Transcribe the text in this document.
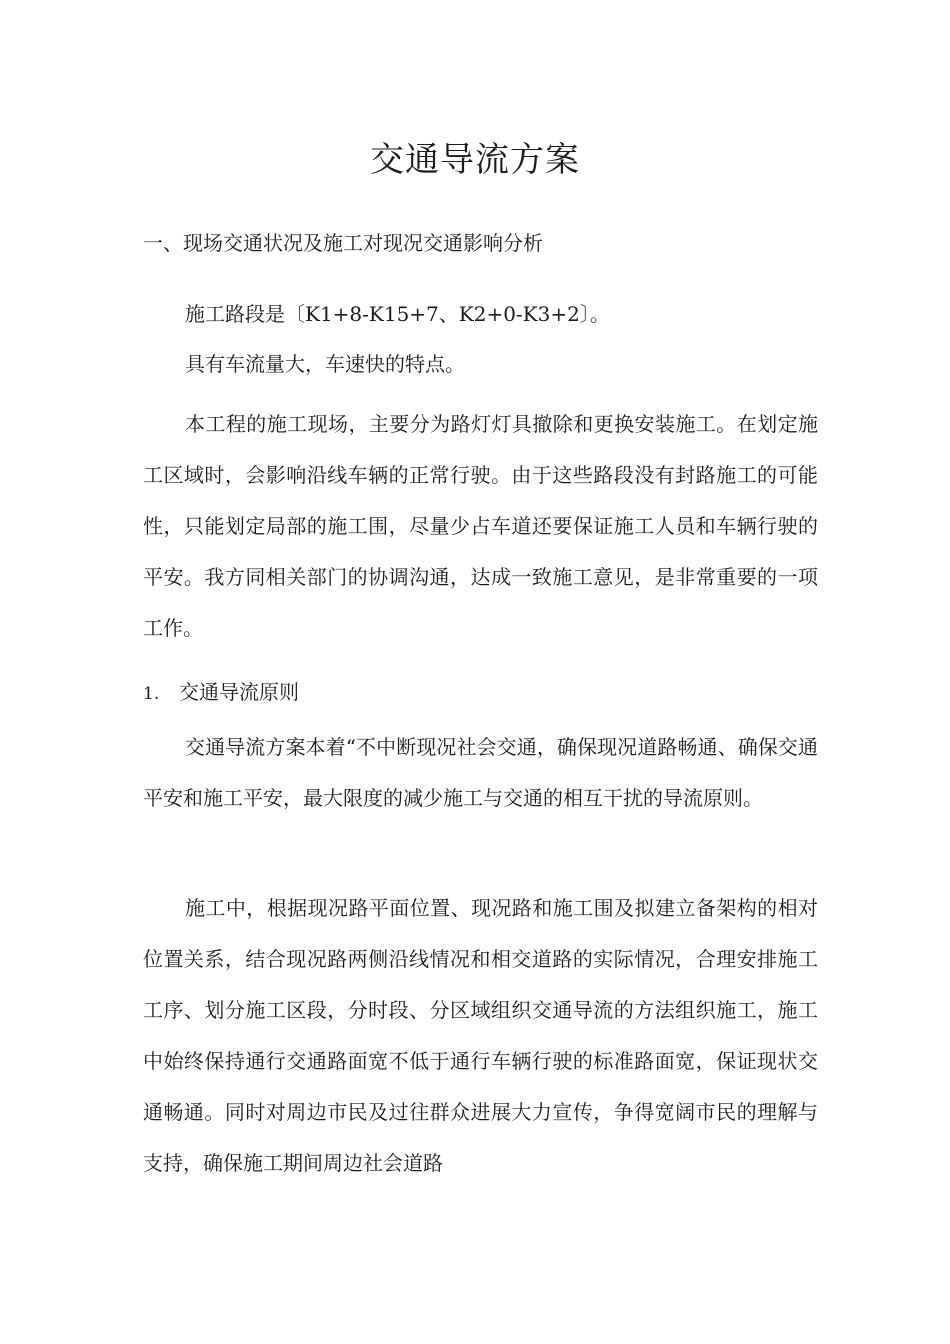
交通导流方案
一、现场交通状况及施工对现况交通影响分析

施工路段是〔K1+8-K15+7、K2+0-K3+2〕。

具有车流量大，车速快的特点。

本工程的施工现场，主要分为路灯灯具撤除和更换安装施工。在划定施工区域时，会影响沿线车辆的正常行驶。由于这些路段没有封路施工的可能性，只能划定局部的施工围，尽量少占车道还要保证施工人员和车辆行驶的平安。我方同相关部门的协调沟通，达成一致施工意见，是非常重要的一项工作。

1. 交通导流原则

交通导流方案本着“不中断现况社会交通，确保现况道路畅通、确保交通平安和施工平安，最大限度的减少施工与交通的相互干扰的导流原则。

施工中，根据现况路平面位置、现况路和施工围及拟建立备架构的相对位置关系，结合现况路两侧沿线情况和相交道路的实际情况，合理安排施工工序、划分施工区段，分时段、分区域组织交通导流的方法组织施工，施工中始终保持通行交通路面宽不低于通行车辆行驶的标准路面宽，保证现状交通畅通。同时对周边市民及过往群众进展大力宣传，争得宽阔市民的理解与支持，确保施工期间周边社会道路
